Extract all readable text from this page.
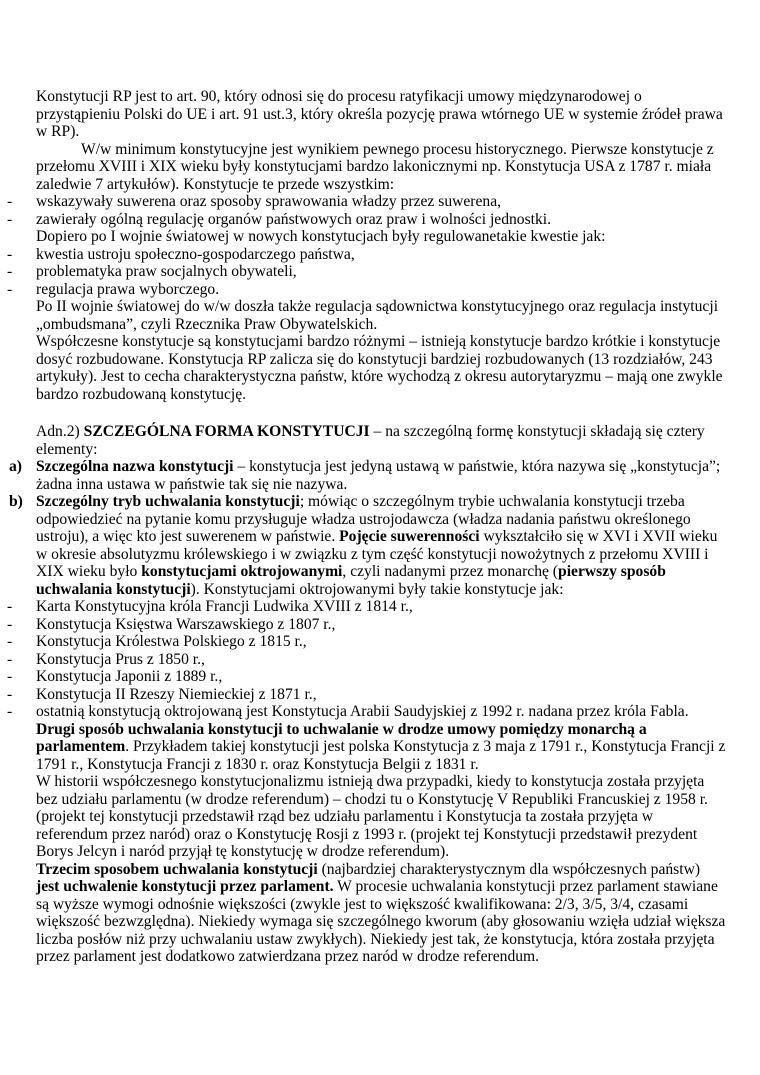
Konstytucji RP jest to art. 90, który odnosi się do procesu ratyfikacji umowy międzynarodowej o przystąpieniu Polski do UE i art. 91 ust.3, który określa pozycję prawa wtórnego UE w systemie źródeł prawa w RP).
W/w minimum konstytucyjne jest wynikiem pewnego procesu historycznego. Pierwsze konstytucje z przełomu XVIII i XIX wieku były konstytucjami bardzo lakonicznymi np. Konstytucja USA z 1787 r. miała zaledwie 7 artykułów). Konstytucje te przede wszystkim:
- wskazywały suwerena oraz sposoby sprawowania władzy przez suwerena,
- zawierały ogólną regulację organów państwowych oraz praw i wolności jednostki.
Dopiero po I wojnie światowej w nowych konstytucjach były regulowanetakie kwestie jak:
- kwestia ustroju społeczno-gospodarczego państwa,
- problematyka praw socjalnych obywateli,
- regulacja prawa wyborczego.
Po II wojnie światowej do w/w doszła także regulacja sądownictwa konstytucyjnego oraz regulacja instytucji „ombudsmana”, czyli Rzecznika Praw Obywatelskich.
Współczesne konstytucje są konstytucjami bardzo różnymi – istnieją konstytucje bardzo krótkie i konstytucje dosyć rozbudowane. Konstytucja RP zalicza się do konstytucji bardziej rozbudowanych (13 rozdziałów, 243 artykuły). Jest to cecha charakterystyczna państw, które wychodzą z okresu autorytaryzmu – mają one zwykle bardzo rozbudowaną konstytucję.
Adn.2) SZCZEGÓLNA FORMA KONSTYTUCJI – na szczególną formę konstytucji składają się cztery elementy:
a) Szczególna nazwa konstytucji – konstytucja jest jedyną ustawą w państwie, która nazywa się „konstytucja”; żadna inna ustawa w państwie tak się nie nazywa.
b) Szczególny tryb uchwalania konstytucji; mówiąc o szczególnym trybie uchwalania konstytucji trzeba odpowiedzieć na pytanie komu przysługuje władza ustrojodawcza (władza nadania państwu określonego ustroju), a więc kto jest suwerenem w państwie. Pojęcie suwerenności wykształciło się w XVI i XVII wieku w okresie absolutyzmu królewskiego i w związku z tym część konstytucji nowożytnych z przełomu XVIII i XIX wieku było konstytucjami oktrojowanymi, czyli nadanymi przez monarchę (pierwszy sposób uchwalania konstytucji). Konstytucjami oktrojowanymi były takie konstytucje jak:
- Karta Konstytucyjna króla Francji Ludwika XVIII z 1814 r.,
- Konstytucja Księstwa Warszawskiego z 1807 r.,
- Konstytucja Królestwa Polskiego z 1815 r.,
- Konstytucja Prus z 1850 r.,
- Konstytucja Japonii z 1889 r.,
- Konstytucja II Rzeszy Niemieckiej z 1871 r.,
- ostatnią konstytucją oktrojowaną jest Konstytucja Arabii Saudyjskiej z 1992 r. nadana przez króla Fabla.
Drugi sposób uchwalania konstytucji to uchwalanie w drodze umowy pomiędzy monarchą a parlamentem. Przykładem takiej konstytucji jest polska Konstytucja z 3 maja z 1791 r., Konstytucja Francji z 1791 r., Konstytucja Francji z 1830 r. oraz Konstytucja Belgii z 1831 r.
W historii współczesnego konstytucjonalizmu istnieją dwa przypadki, kiedy to konstytucja została przyjęta bez udziału parlamentu (w drodze referendum) – chodzi tu o Konstytucję V Republiki Francuskiej z 1958 r. (projekt tej konstytucji przedstawił rząd bez udziału parlamentu i Konstytucja ta została przyjęta w referendum przez naród) oraz o Konstytucję Rosji z 1993 r. (projekt tej Konstytucji przedstawił prezydent Borys Jelcyn i naród przyjął tę konstytucję w drodze referendum).
Trzecim sposobem uchwalania konstytucji (najbardziej charakterystycznym dla współczesnych państw) jest uchwalenie konstytucji przez parlament. W procesie uchwalania konstytucji przez parlament stawiane są wyższe wymogi odnośnie większości (zwykle jest to większość kwalifikowana: 2/3, 3/5, 3/4, czasami większość bezwzględna). Niekiedy wymaga się szczególnego kworum (aby głosowaniu wzięła udział większa liczba posłów niż przy uchwalaniu ustaw zwykłych). Niekiedy jest tak, że konstytucja, która została przyjęta przez parlament jest dodatkowo zatwierdzana przez naród w drodze referendum.
